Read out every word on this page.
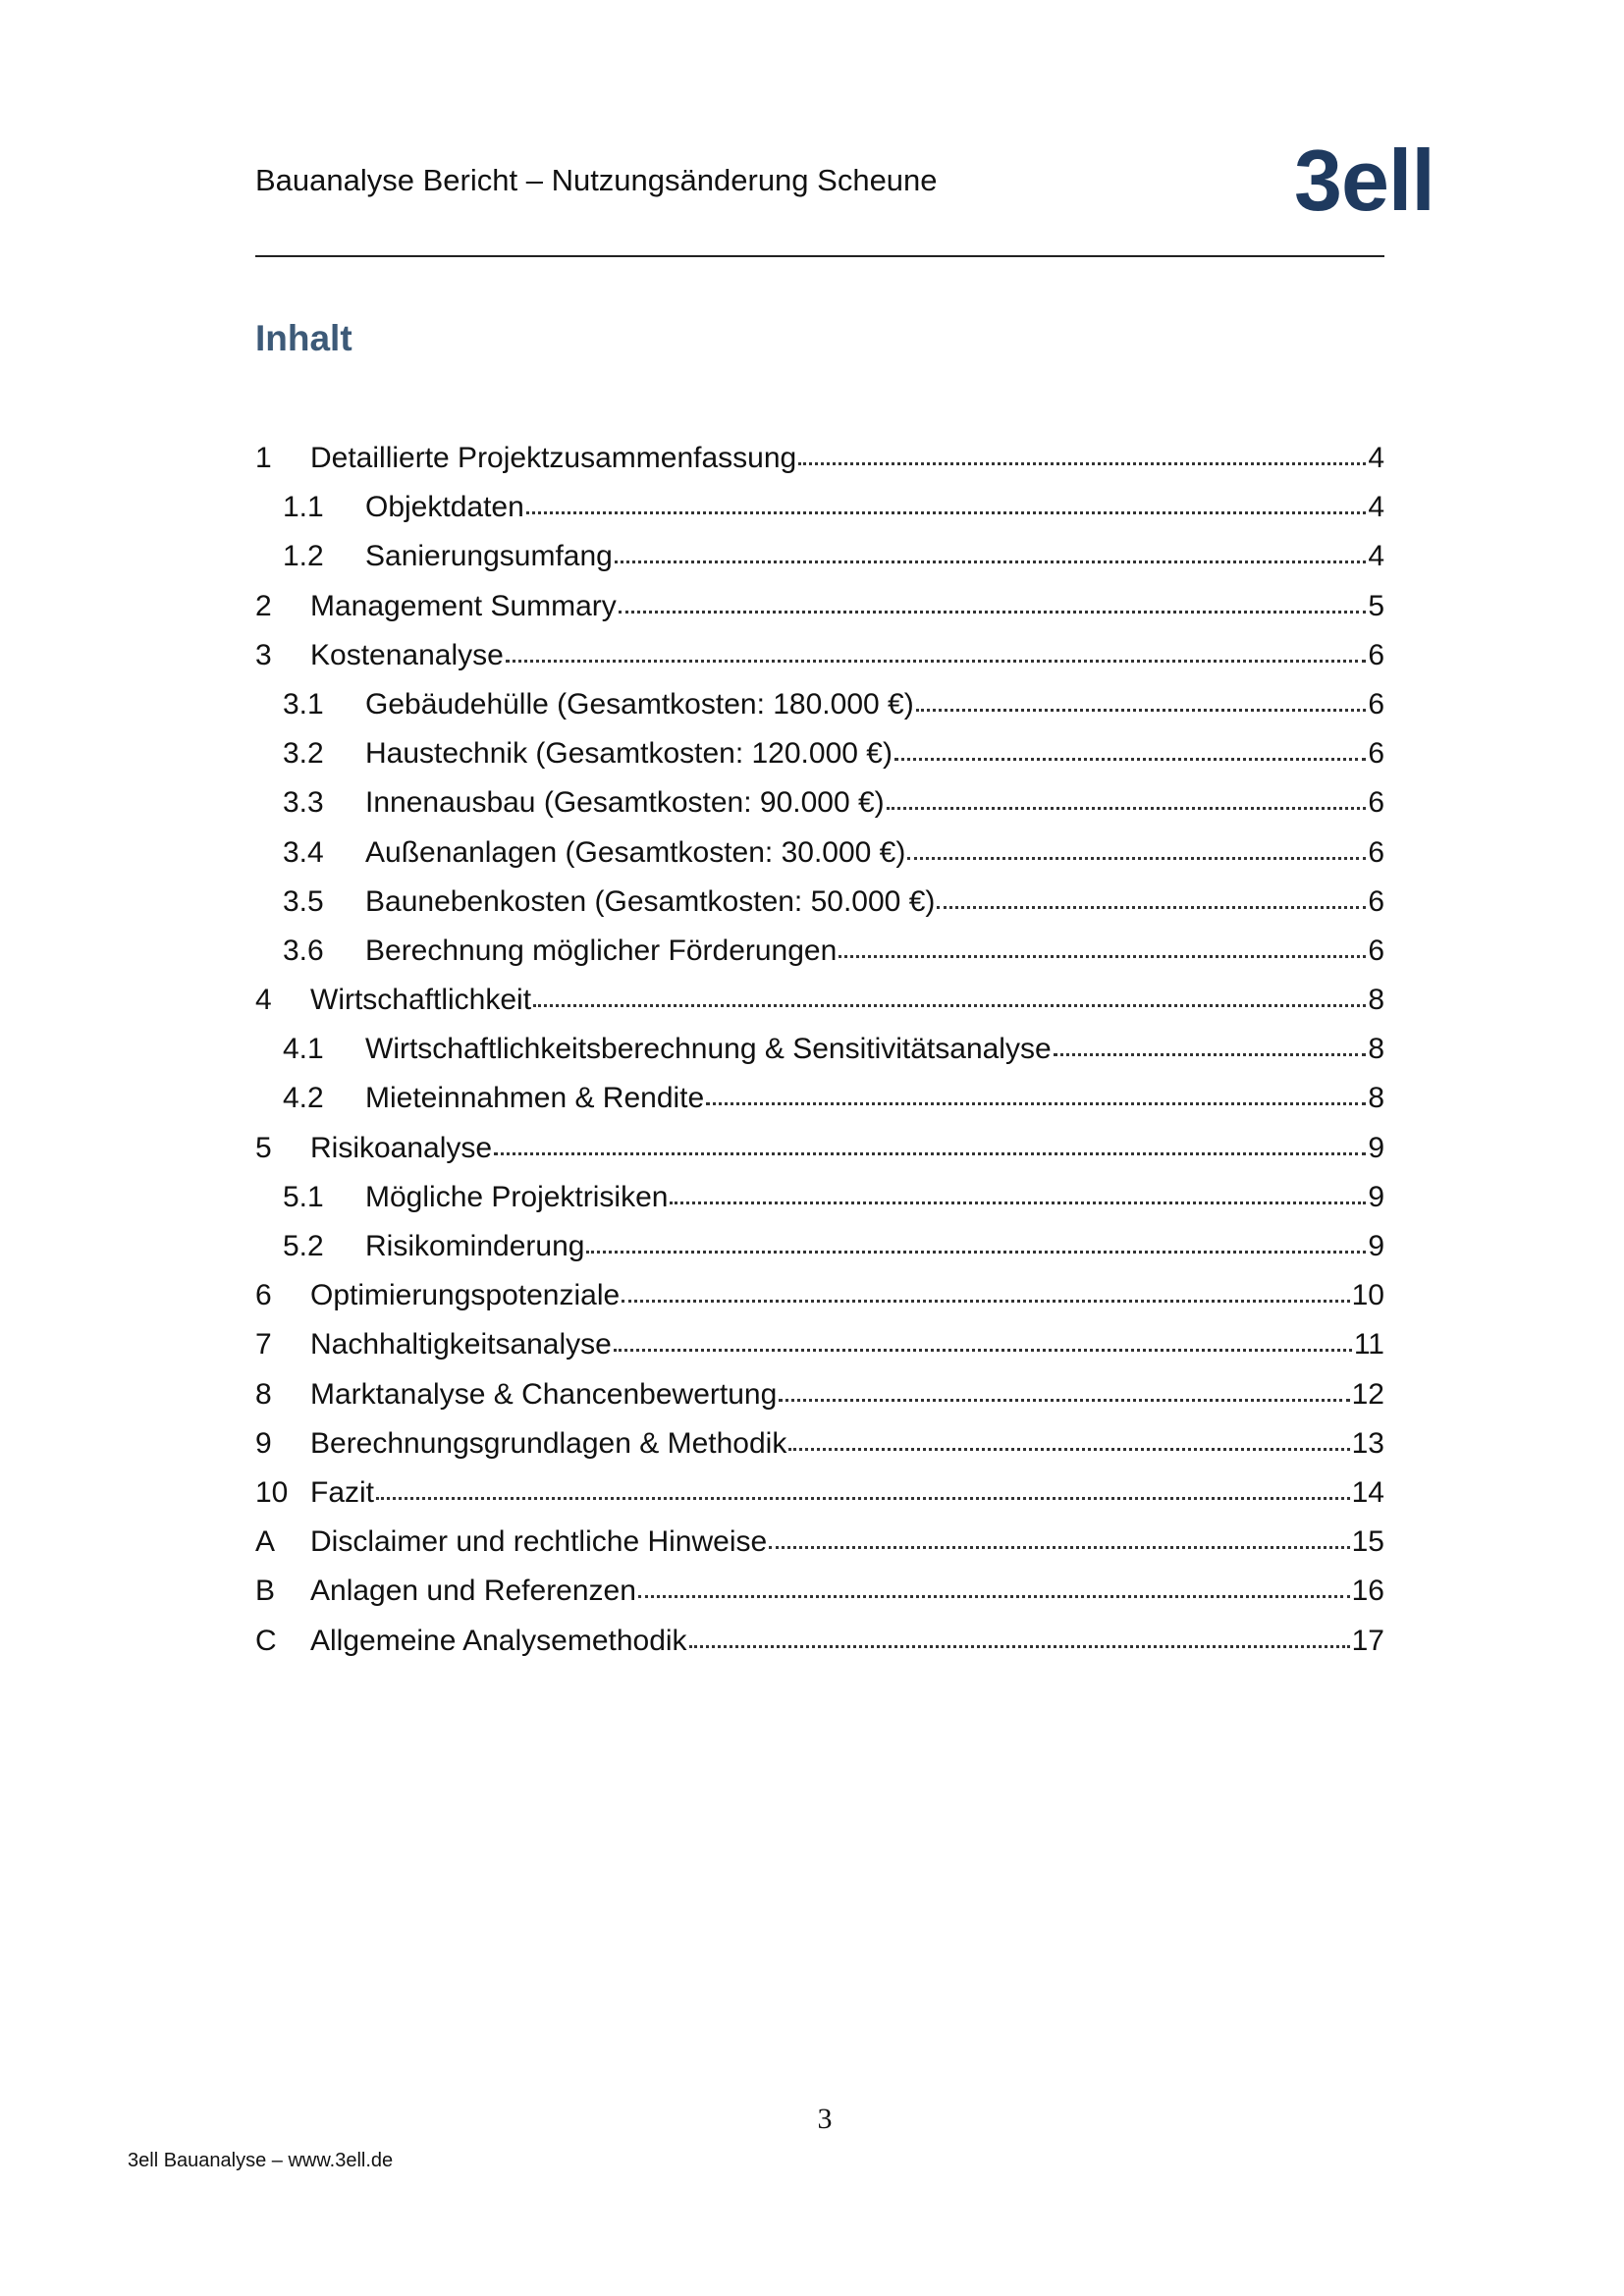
Bauanalyse Bericht – Nutzungsänderung Scheune	3ell
Inhalt
1	Detaillierte Projektzusammenfassung	4
1.1	Objektdaten	4
1.2	Sanierungsumfang	4
2	Management Summary	5
3	Kostenanalyse	6
3.1	Gebäudehülle (Gesamtkosten: 180.000 €)	6
3.2	Haustechnik (Gesamtkosten: 120.000 €)	6
3.3	Innenausbau (Gesamtkosten: 90.000 €)	6
3.4	Außenanlagen (Gesamtkosten: 30.000 €)	6
3.5	Baunebenkosten (Gesamtkosten: 50.000 €)	6
3.6	Berechnung möglicher Förderungen	6
4	Wirtschaftlichkeit	8
4.1	Wirtschaftlichkeitsberechnung & Sensitivitätsanalyse	8
4.2	Mieteinnahmen & Rendite	8
5	Risikoanalyse	9
5.1	Mögliche Projektrisiken	9
5.2	Risikominderung	9
6	Optimierungspotenziale	10
7	Nachhaltigkeitsanalyse	11
8	Marktanalyse & Chancenbewertung	12
9	Berechnungsgrundlagen & Methodik	13
10 Fazit	14
A	Disclaimer und rechtliche Hinweise	15
B	Anlagen und Referenzen	16
C	Allgemeine Analysemethodik	17
3
3ell Bauanalyse – www.3ell.de
